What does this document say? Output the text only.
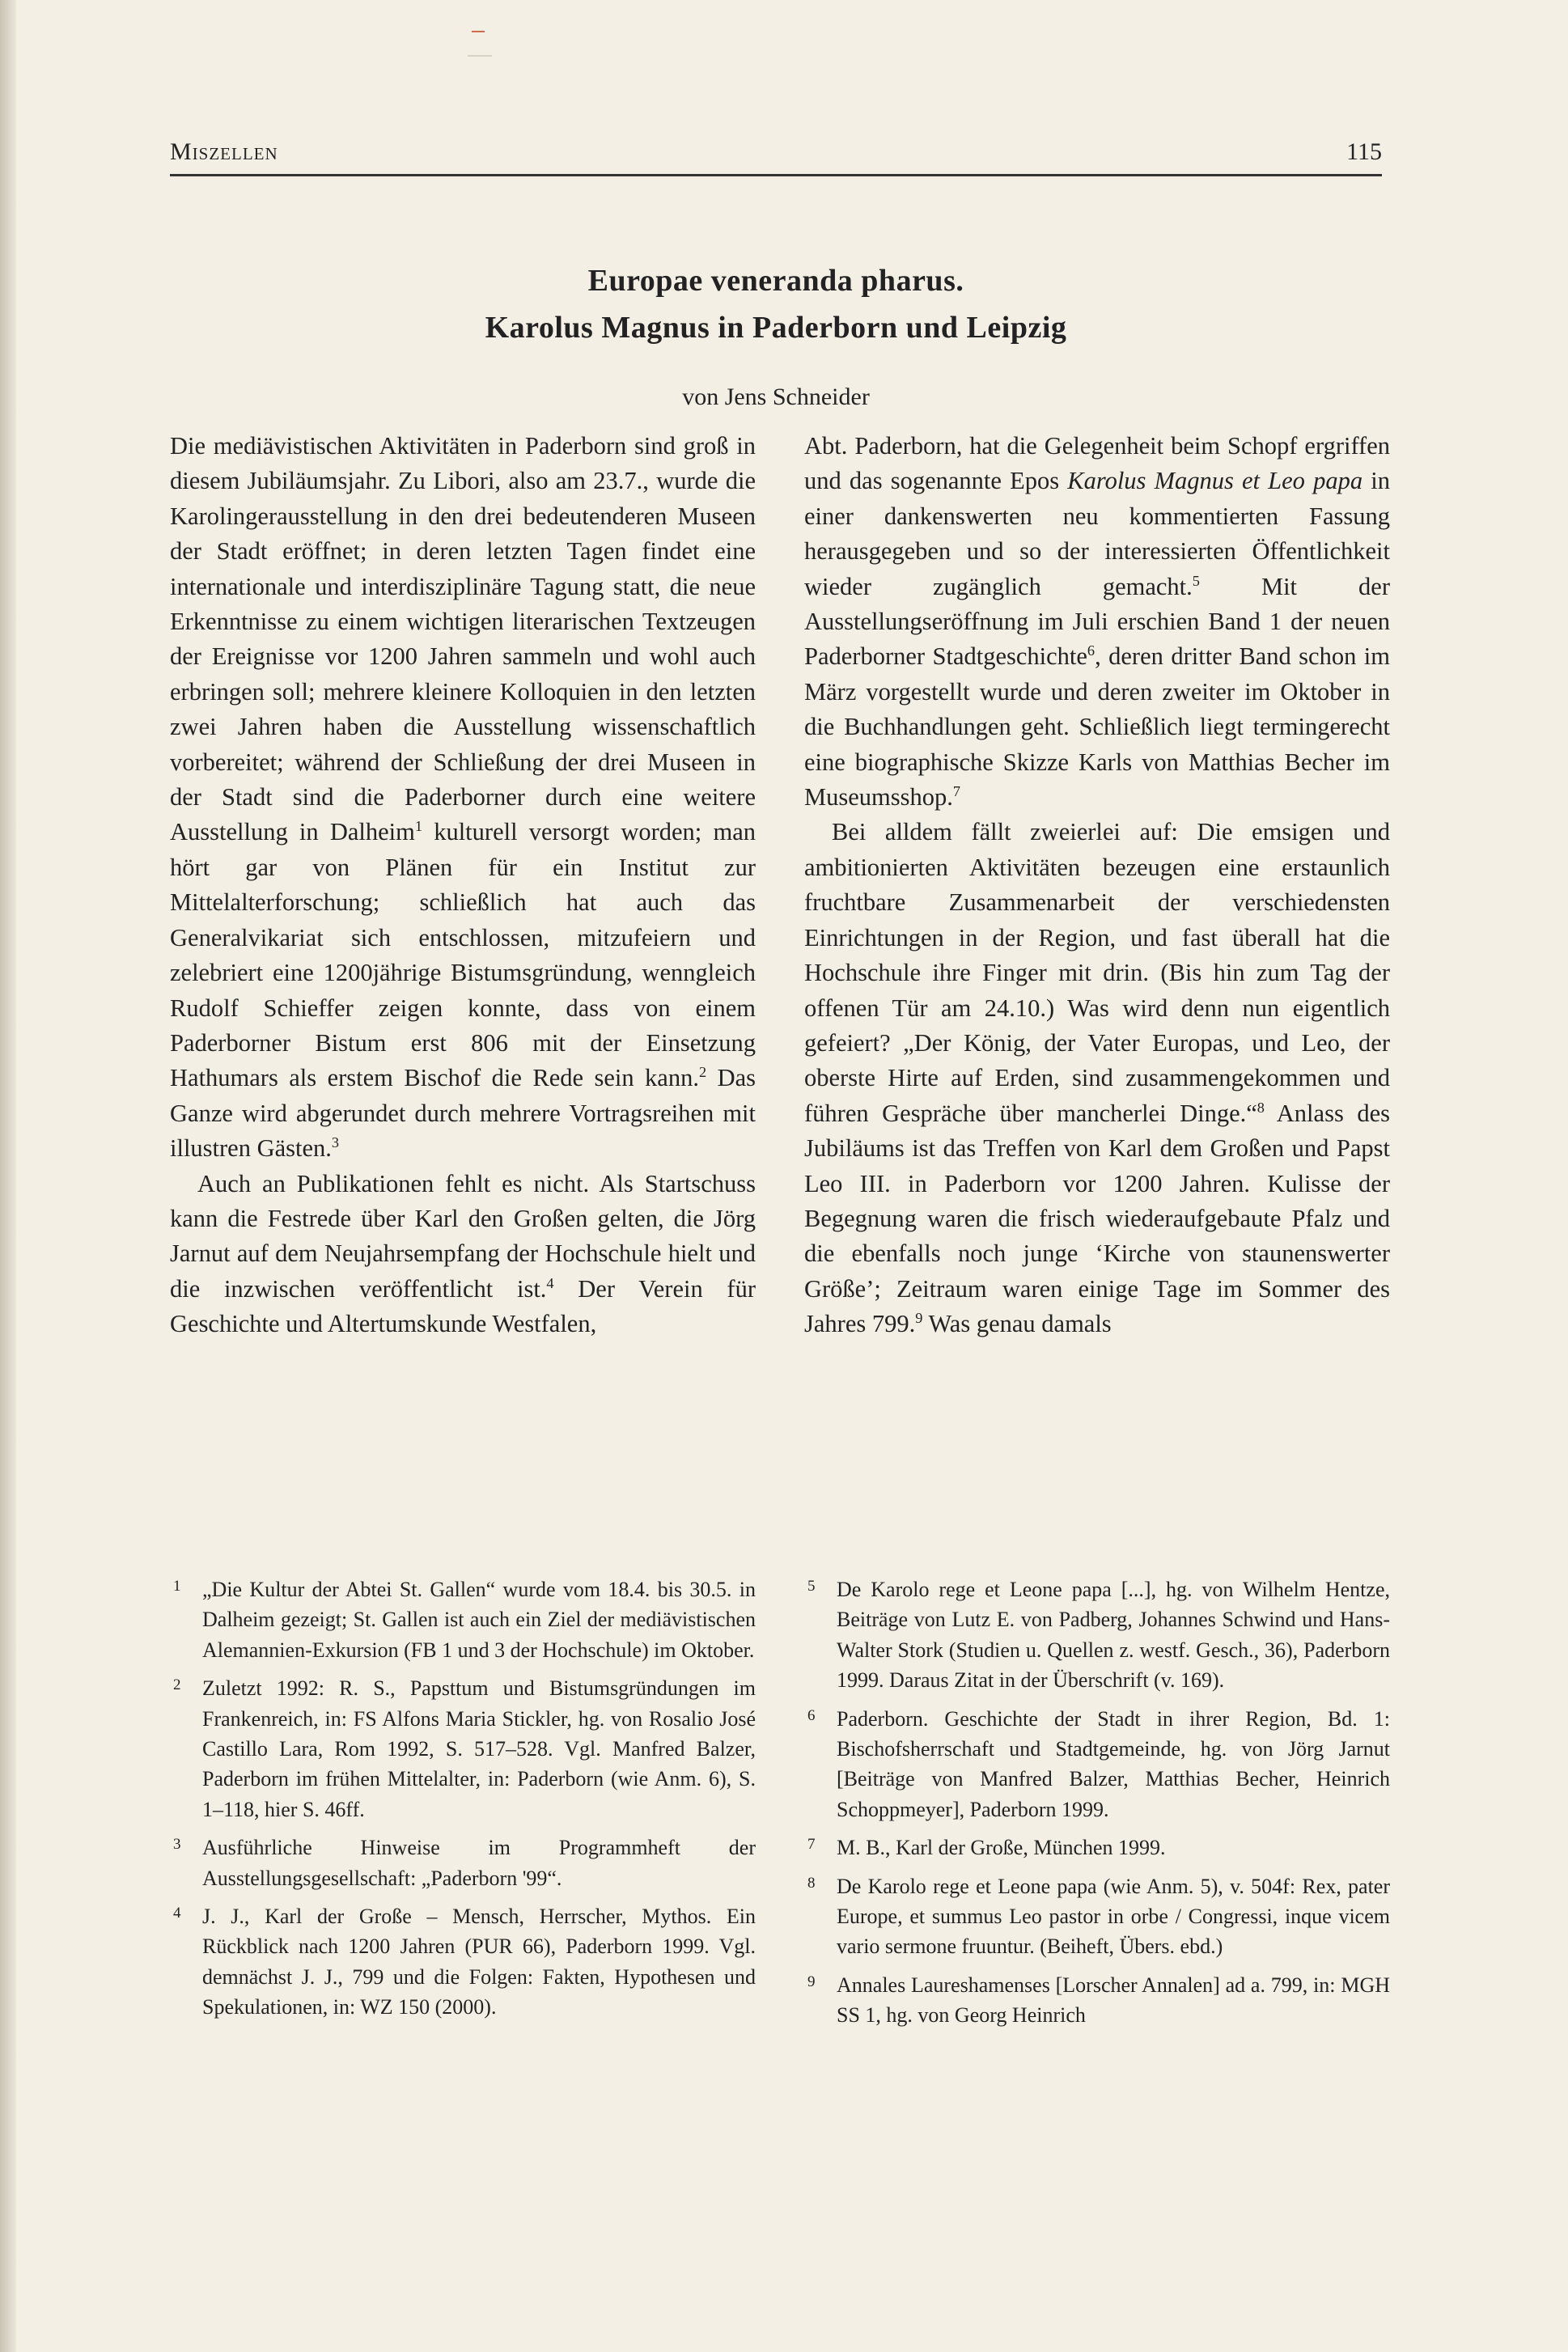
Miszellen	115
Europae veneranda pharus.
Karolus Magnus in Paderborn und Leipzig
von Jens Schneider

Die mediävistischen Aktivitäten in Paderborn sind groß in diesem Jubiläumsjahr. Zu Libori, also am 23.7., wurde die Karolingerausstellung in den drei bedeutenderen Museen der Stadt eröffnet; in deren letzten Tagen findet eine internationale und interdisziplinäre Tagung statt, die neue Erkenntnisse zu einem wichtigen literarischen Textzeugen der Ereignisse vor 1200 Jahren sammeln und wohl auch erbringen soll; mehrere kleinere Kolloquien in den letzten zwei Jahren haben die Ausstellung wissenschaftlich vorbereitet; während der Schließung der drei Museen in der Stadt sind die Paderborner durch eine weitere Ausstellung in Dalheim$^1$ kulturell versorgt worden; man hört gar von Plänen für ein Institut zur Mittelalterforschung; schließlich hat auch das Generalvikariat sich entschlossen, mitzufeiern und zelebriert eine 1200jährige Bistumsgründung, wenngleich Rudolf Schieffer zeigen konnte, dass von einem Paderborner Bistum erst 806 mit der Einsetzung Hathumars als erstem Bischof die Rede sein kann.$^2$ Das Ganze wird abgerundet durch mehrere Vortragsreihen mit illustren Gästen.$^3$

Auch an Publikationen fehlt es nicht. Als Startschuss kann die Festrede über Karl den Großen gelten, die Jörg Jarnut auf dem Neujahrsempfang der Hochschule hielt und die inzwischen veröffentlicht ist.$^4$ Der Verein für Geschichte und Altertumskunde Westfalen,

Abt. Paderborn, hat die Gelegenheit beim Schopf ergriffen und das sogenannte Epos Karolus Magnus et Leo papa in einer dankenswerten neu kommentierten Fassung herausgegeben und so der interessierten Öffentlichkeit wieder zugänglich gemacht.$^5$ Mit der Ausstellungseröffnung im Juli erschien Band 1 der neuen Paderborner Stadtgeschichte$^6$, deren dritter Band schon im März vorgestellt wurde und deren zweiter im Oktober in die Buchhandlungen geht. Schließlich liegt termingerecht eine biographische Skizze Karls von Matthias Becher im Museumsshop.$^7$

Bei alldem fällt zweierlei auf: Die emsigen und ambitionierten Aktivitäten bezeugen eine erstaunlich fruchtbare Zusammenarbeit der verschiedensten Einrichtungen in der Region, und fast überall hat die Hochschule ihre Finger mit drin. (Bis hin zum Tag der offenen Tür am 24.10.) Was wird denn nun eigentlich gefeiert? „Der König, der Vater Europas, und Leo, der oberste Hirte auf Erden, sind zusammengekommen und führen Gespräche über mancherlei Dinge.“$^8$ Anlass des Jubiläums ist das Treffen von Karl dem Großen und Papst Leo III. in Paderborn vor 1200 Jahren. Kulisse der Begegnung waren die frisch wiederaufgebaute Pfalz und die ebenfalls noch junge ‘Kirche von staunenswerter Größe’; Zeitraum waren einige Tage im Sommer des Jahres 799.$^9$ Was genau damals

1 „Die Kultur der Abtei St. Gallen“ wurde vom 18.4. bis 30.5. in Dalheim gezeigt; St. Gallen ist auch ein Ziel der mediävistischen Alemannien-Exkursion (FB 1 und 3 der Hochschule) im Oktober.
2 Zuletzt 1992: R. S., Papsttum und Bistumsgründungen im Frankenreich, in: FS Alfons Maria Stickler, hg. von Rosalio José Castillo Lara, Rom 1992, S. 517–528. Vgl. Manfred Balzer, Paderborn im frühen Mittelalter, in: Paderborn (wie Anm. 6), S. 1–118, hier S. 46ff.
3 Ausführliche Hinweise im Programmheft der Ausstellungsgesellschaft: „Paderborn '99“.
4 J. J., Karl der Große – Mensch, Herrscher, Mythos. Ein Rückblick nach 1200 Jahren (PUR 66), Paderborn 1999. Vgl. demnächst J. J., 799 und die Folgen: Fakten, Hypothesen und Spekulationen, in: WZ 150 (2000).
5 De Karolo rege et Leone papa [...], hg. von Wilhelm Hentze, Beiträge von Lutz E. von Padberg, Johannes Schwind und Hans-Walter Stork (Studien u. Quellen z. westf. Gesch., 36), Paderborn 1999. Daraus Zitat in der Überschrift (v. 169).
6 Paderborn. Geschichte der Stadt in ihrer Region, Bd. 1: Bischofsherrschaft und Stadtgemeinde, hg. von Jörg Jarnut [Beiträge von Manfred Balzer, Matthias Becher, Heinrich Schoppmeyer], Paderborn 1999.
7 M. B., Karl der Große, München 1999.
8 De Karolo rege et Leone papa (wie Anm. 5), v. 504f: Rex, pater Europe, et summus Leo pastor in orbe / Congressi, inque vicem vario sermone fruuntur. (Beiheft, Übers. ebd.)
9 Annales Laureshamenses [Lorscher Annalen] ad a. 799, in: MGH SS 1, hg. von Georg Heinrich
